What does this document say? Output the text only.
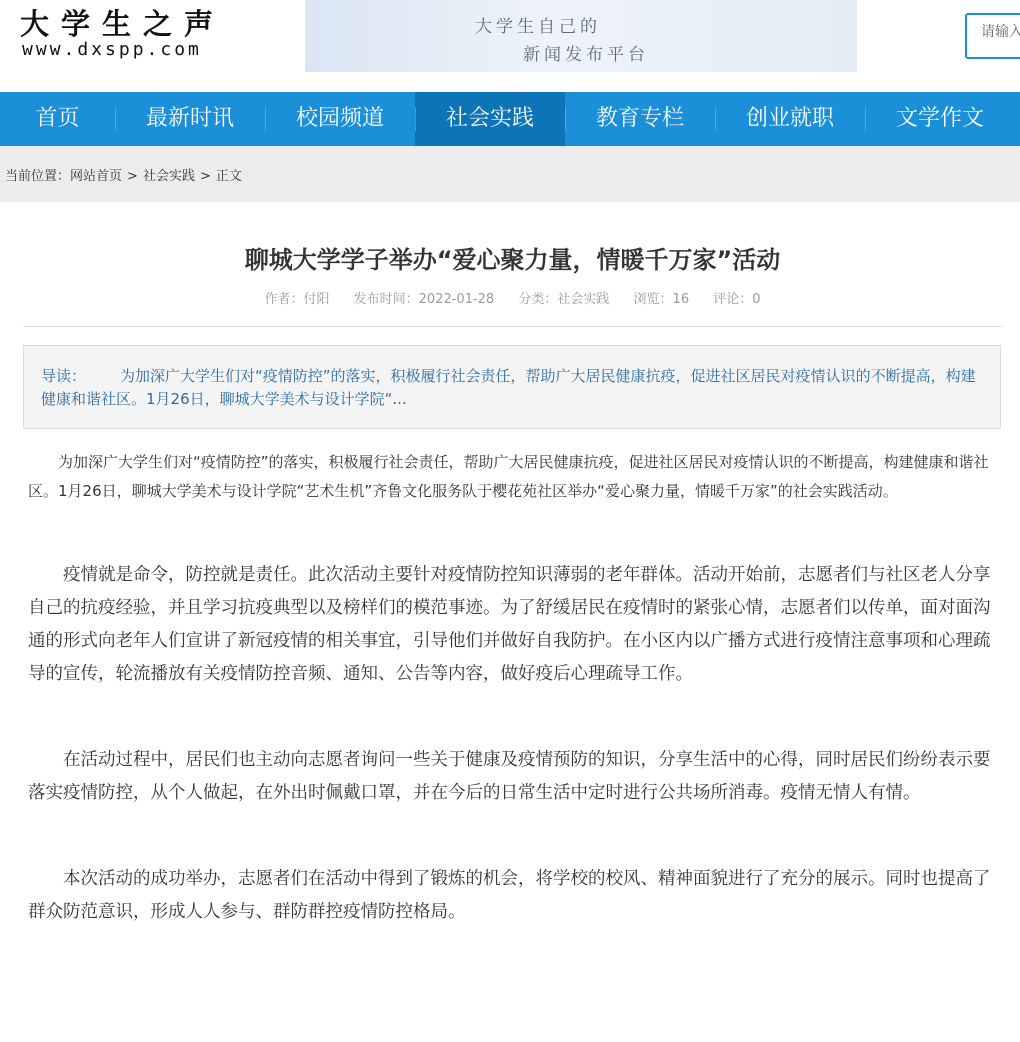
大学生之声
www.dxspp.com
大学生自己的
新闻发布平台
请输入
首页	最新时讯	校园频道	社会实践	教育专栏	创业就职	文学作文
当前位置：网站首页 > 社会实践 > 正文
聊城大学学子举办“爱心聚力量，情暖千万家”活动
作者：付阳 发布时间：2022-01-28 分类：社会实践 浏览：16 评论：0
导读： 为加深广大学生们对“疫情防控”的落实，积极履行社会责任，帮助广大居民健康抗疫，促进社区居民对疫情认识的不断提高，构建健康和谐社区。1月26日，聊城大学美术与设计学院“...

为加深广大学生们对“疫情防控”的落实，积极履行社会责任，帮助广大居民健康抗疫，促进社区居民对疫情认识的不断提高，构建健康和谐社区。1月26日，聊城大学美术与设计学院“艺术生机”齐鲁文化服务队于樱花苑社区举办“爱心聚力量，情暖千万家”的社会实践活动。

疫情就是命令，防控就是责任。此次活动主要针对疫情防控知识薄弱的老年群体。活动开始前，志愿者们与社区老人分享自己的抗疫经验，并且学习抗疫典型以及榜样们的模范事迹。为了舒缓居民在疫情时的紧张心情，志愿者们以传单，面对面沟通的形式向老年人们宣讲了新冠疫情的相关事宜，引导他们并做好自我防护。在小区内以广播方式进行疫情注意事项和心理疏导的宣传，轮流播放有关疫情防控音频、通知、公告等内容，做好疫后心理疏导工作。

在活动过程中，居民们也主动向志愿者询问一些关于健康及疫情预防的知识，分享生活中的心得，同时居民们纷纷表示要落实疫情防控，从个人做起，在外出时佩戴口罩，并在今后的日常生活中定时进行公共场所消毒。疫情无情人有情。

本次活动的成功举办，志愿者们在活动中得到了锻炼的机会，将学校的校风、精神面貌进行了充分的展示。同时也提高了群众防范意识，形成人人参与、群防群控疫情防控格局。
